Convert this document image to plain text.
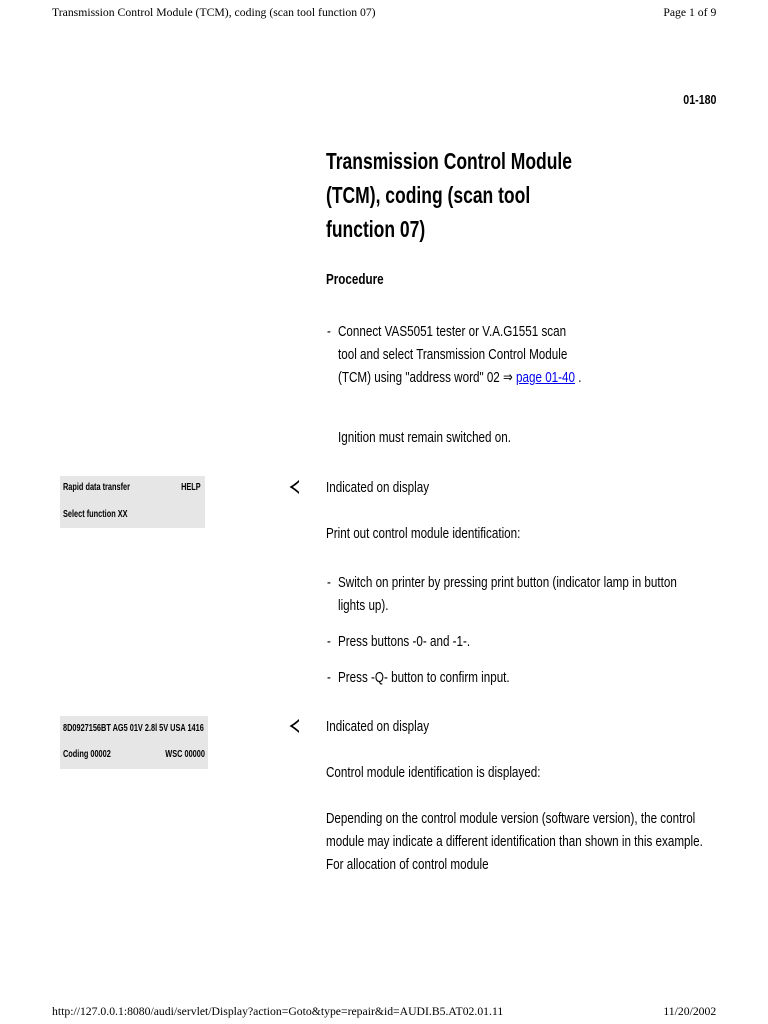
Transmission Control Module (TCM), coding (scan tool function 07)	Page 1 of 9
01-180
Transmission Control Module
(TCM), coding (scan tool
function 07)
Procedure
- Connect VAS5051 tester or V.A.G1551 scan
tool and select Transmission Control Module
(TCM) using "address word" 02 ⇒ page 01-40 .
Ignition must remain switched on.
Rapid data transfer	HELP
Select function XX
Indicated on display
Print out control module identification:
- Switch on printer by pressing print button (indicator lamp in button
lights up).
- Press buttons -0- and -1-.
- Press -Q- button to confirm input.
8D0927156BT AG5 01V 2.8l 5V USA 1416
Coding 00002	WSC 00000
Indicated on display
Control module identification is displayed:
Depending on the control module version (software version), the control
module may indicate a different identification than shown in this example.
For allocation of control module
http://127.0.0.1:8080/audi/servlet/Display?action=Goto&type=repair&id=AUDI.B5.AT02.01.11	11/20/2002
